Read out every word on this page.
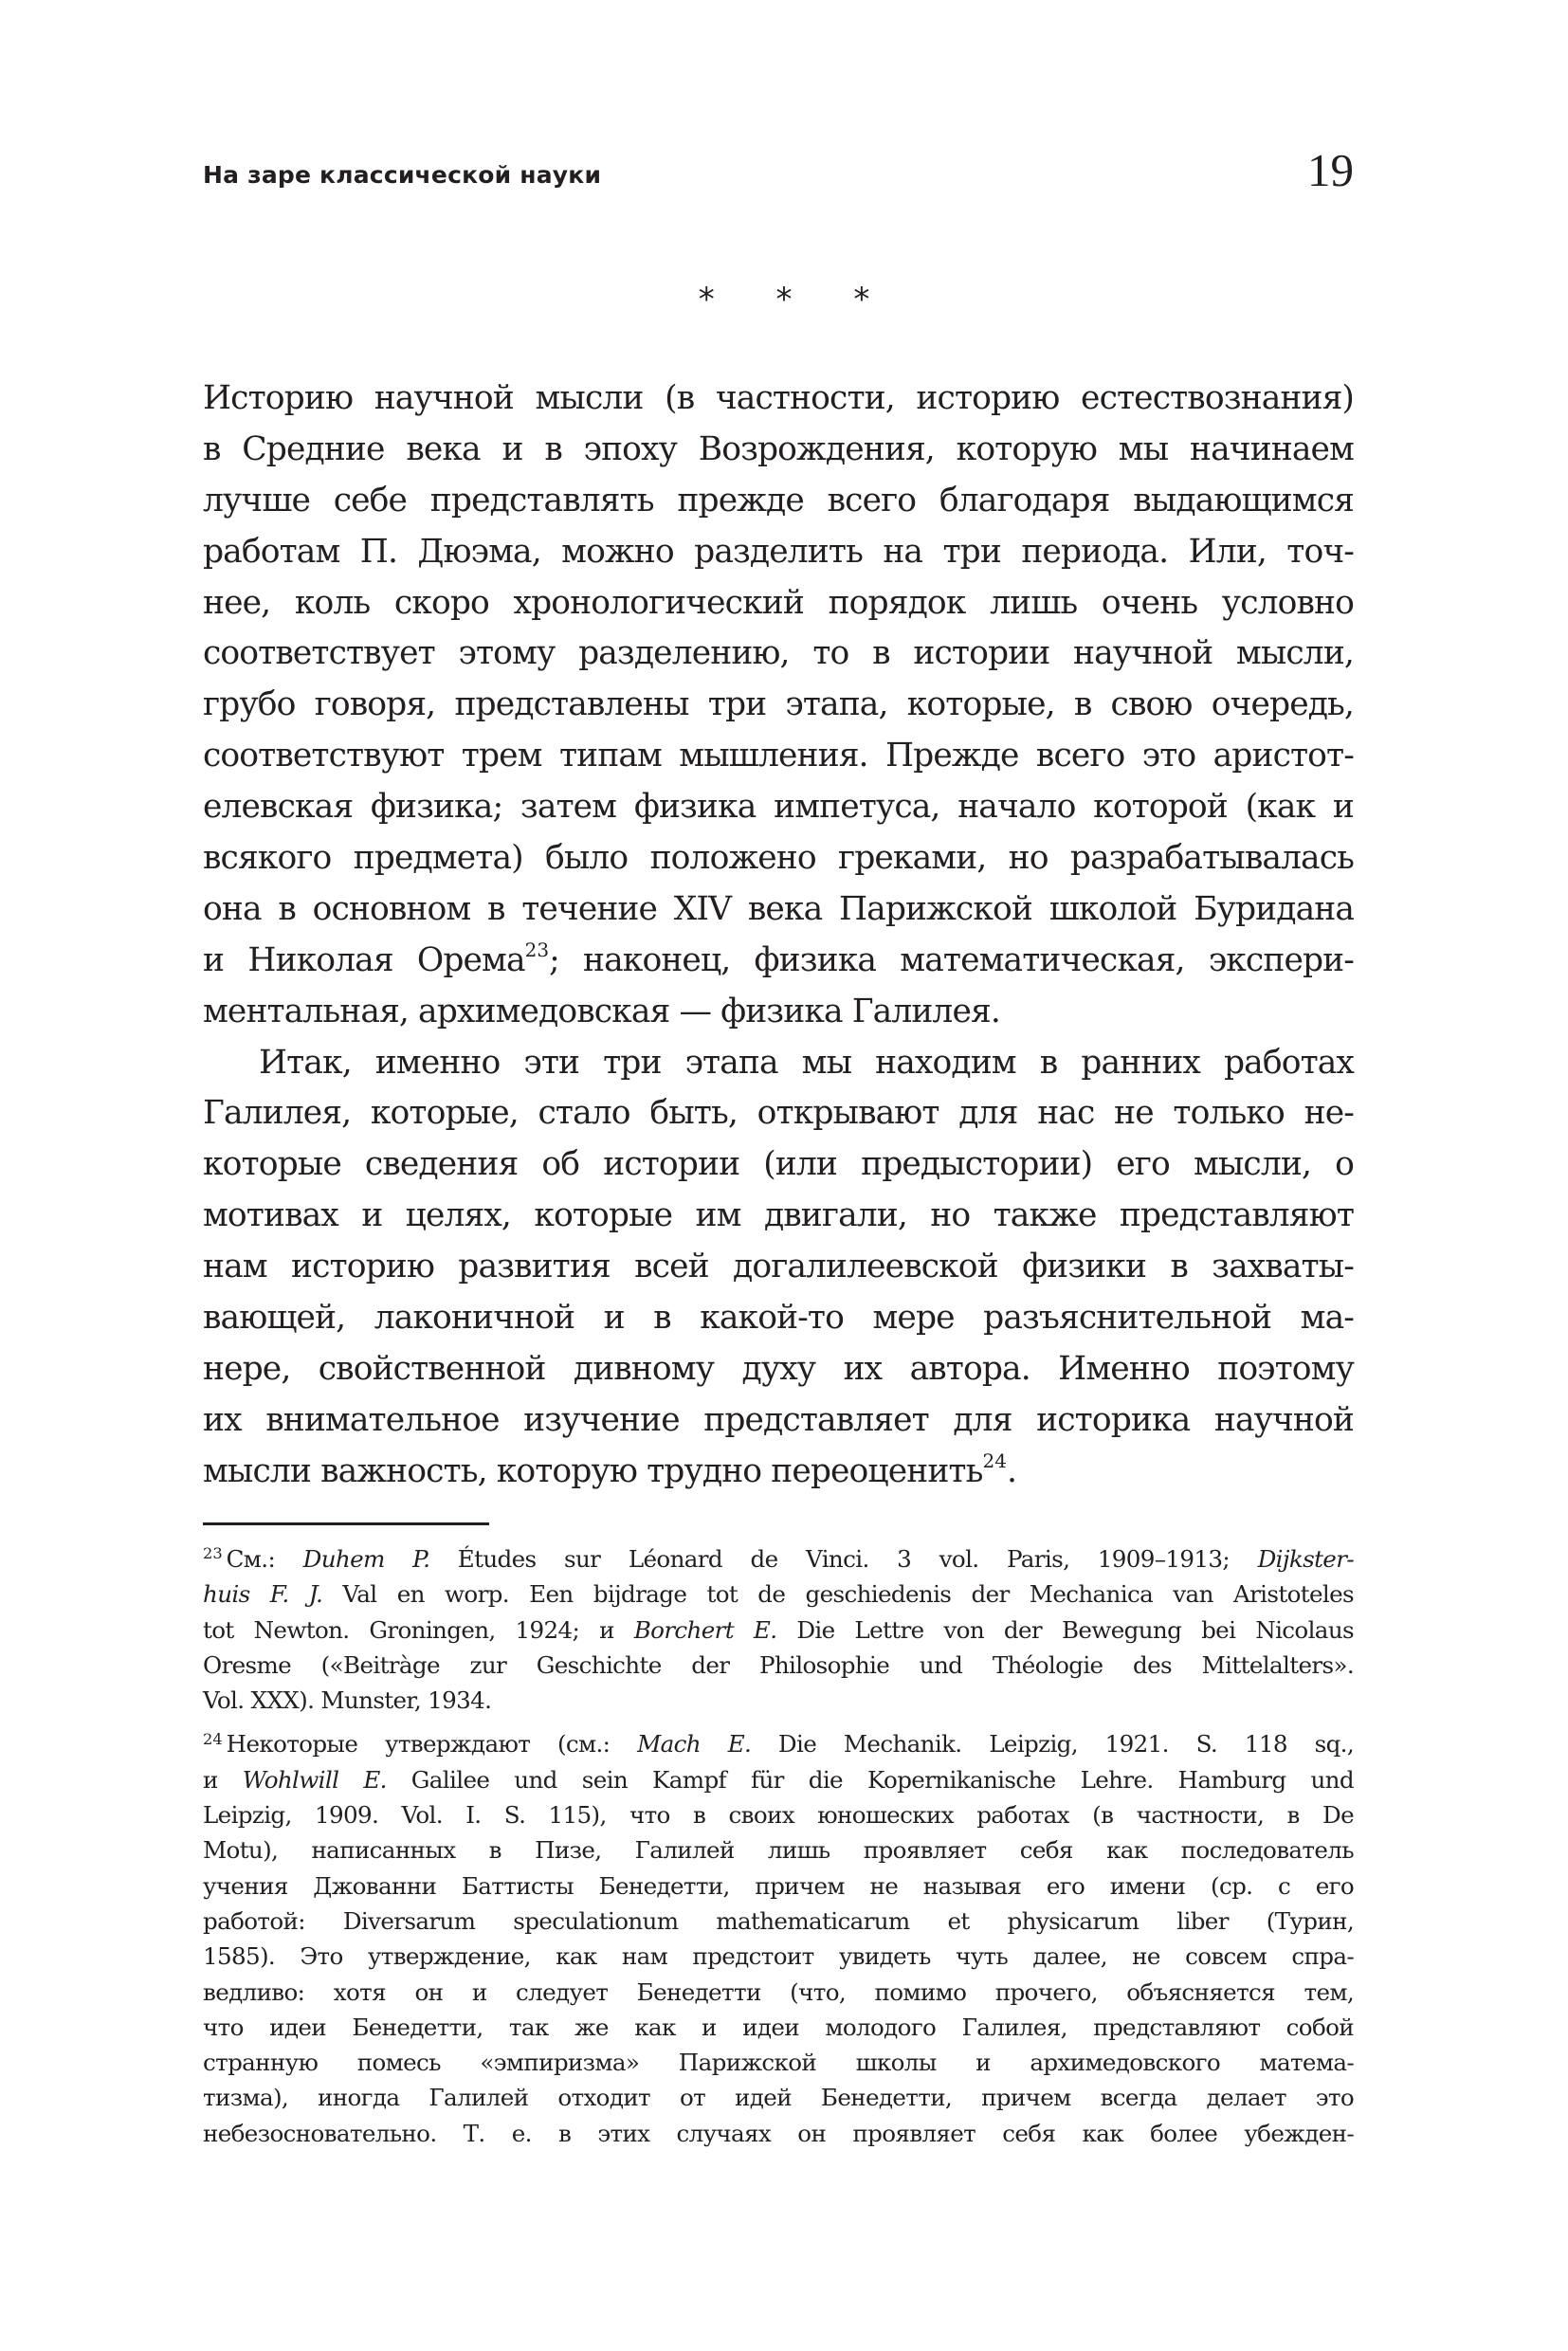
На заре классической науки	19
* * *
Историю научной мысли (в частности, историю естествознания)
в Средние века и в эпоху Возрождения, которую мы начинаем
лучше себе представлять прежде всего благодаря выдающимся
работам П. Дюэма, можно разделить на три периода. Или, точ-
нее, коль скоро хронологический порядок лишь очень условно
соответствует этому разделению, то в истории научной мысли,
грубо говоря, представлены три этапа, которые, в свою очередь,
соответствуют трем типам мышления. Прежде всего это аристот-
елевская физика; затем физика импетуса, начало которой (как и
всякого предмета) было положено греками, но разрабатывалась
она в основном в течение XIV века Парижской школой Буридана
и Николая Орема$^{23}$; наконец, физика математическая, экспери-
ментальная, архимедовская — физика Галилея.
Итак, именно эти три этапа мы находим в ранних работах
Галилея, которые, стало быть, открывают для нас не только не-
которые сведения об истории (или предыстории) его мысли, о
мотивах и целях, которые им двигали, но также представляют
нам историю развития всей догалилеевской физики в захваты-
вающей, лаконичной и в какой-то мере разъяснительной ма-
нере, свойственной дивному духу их автора. Именно поэтому
их внимательное изучение представляет для историка научной
мысли важность, которую трудно переоценить$^{24}$.
$^{23}$ См.: Duhem P. Études sur Léonard de Vinci. 3 vol. Paris, 1909–1913; Dijkster-
huis F. J. Val en worp. Een bijdrage tot de geschiedenis der Mechanica van Aristoteles
tot Newton. Groningen, 1924; и Borchert E. Die Lettre von der Bewegung bei Nicolaus
Oresme («Beitràge zur Geschichte der Philosophie und Théologie des Mittelalters».
Vol. XXX). Munster, 1934.
$^{24}$ Некоторые утверждают (см.: Mach E. Die Mechanik. Leipzig, 1921. S. 118 sq.,
и Wohlwill E. Galilee und sein Kampf für die Kopernikanische Lehre. Hamburg und
Leipzig, 1909. Vol. I. S. 115), что в своих юношеских работах (в частности, в De
Motu), написанных в Пизе, Галилей лишь проявляет себя как последователь
учения Джованни Баттисты Бенедетти, причем не называя его имени (ср. с его
работой: Diversarum speculationum mathematicarum et physicarum liber (Турин,
1585). Это утверждение, как нам предстоит увидеть чуть далее, не совсем спра-
ведливо: хотя он и следует Бенедетти (что, помимо прочего, объясняется тем,
что идеи Бенедетти, так же как и идеи молодого Галилея, представляют собой
странную помесь «эмпиризма» Парижской школы и архимедовского матема-
тизма), иногда Галилей отходит от идей Бенедетти, причем всегда делает это
небезосновательно. Т. е. в этих случаях он проявляет себя как более убежден-
